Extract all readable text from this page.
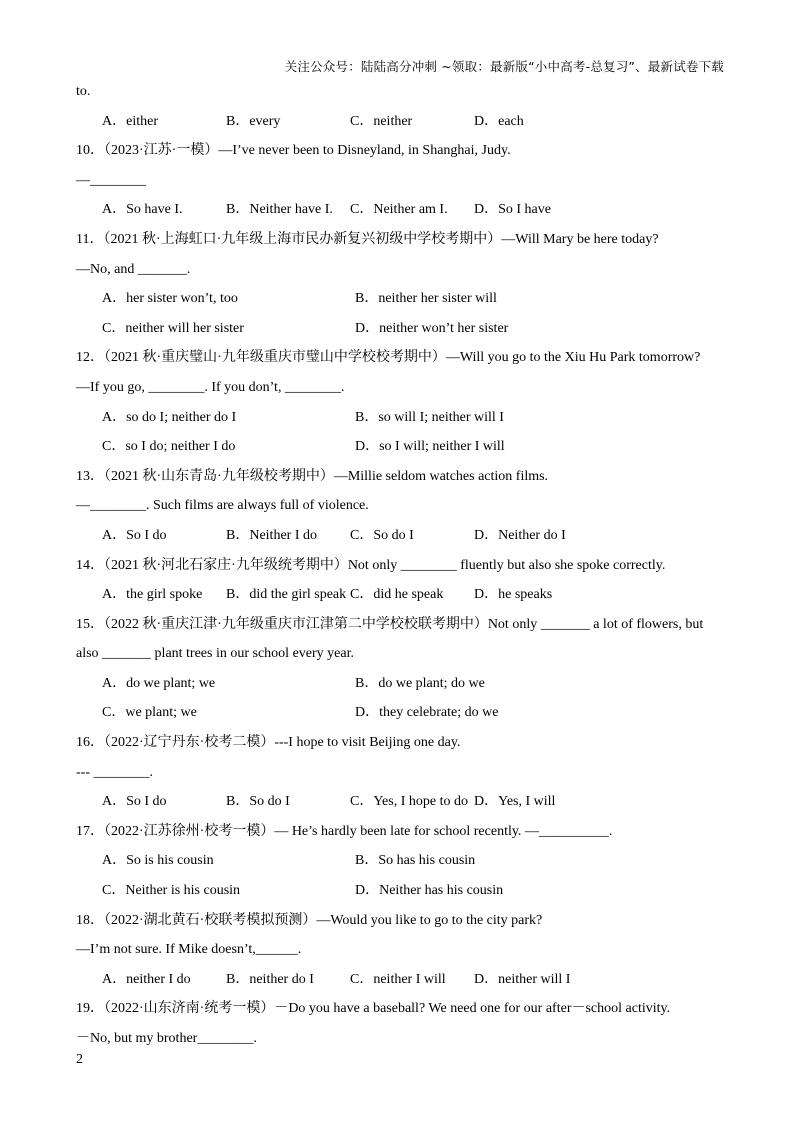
关注公众号：陆陆高分冲刺 ~领取：最新版“小中高考-总复习”、最新试卷下载
to.
A．either	B．every	C．neither	D．each
10．（2023·江苏·一模）—I’ve never been to Disneyland, in Shanghai, Judy.
—________
A．So have I.	B．Neither have I.	C．Neither am I.	D．So I have
11．（2021 秋·上海虹口·九年级上海市民办新复兴初级中学校考期中）—Will Mary be here today?
—No, and _______.
A．her sister won’t, too	B．neither her sister will
C．neither will her sister	D．neither won’t her sister
12．（2021 秋·重庆璧山·九年级重庆市璧山中学校校考期中）—Will you go to the Xiu Hu Park tomorrow?
—If you go, ________. If you don’t, ________.
A．so do I; neither do I	B．so will I; neither will I
C．so I do; neither I do	D．so I will; neither I will
13．（2021 秋·山东青岛·九年级校考期中）—Millie seldom watches action films.
—________. Such films are always full of violence.
A．So I do	B．Neither I do	C．So do I	D．Neither do I
14．（2021 秋·河北石家庄·九年级统考期中）Not only ________ fluently but also she spoke correctly.
A．the girl spoke	B．did the girl speak C．did he speak	D．he speaks
15．（2022 秋·重庆江津·九年级重庆市江津第二中学校校联考期中）Not only _______ a lot of flowers, but
also _______ plant trees in our school every year.
A．do we plant; we	B．do we plant; do we
C．we plant; we	D．they celebrate; do we
16．（2022·辽宁丹东·校考二模）---I hope to visit Beijing one day.
--- ________.
A．So I do	B．So do I	C．Yes, I hope to do D．Yes, I will
17．（2022·江苏徐州·校考一模）— He’s hardly been late for school recently. —__________.
A．So is his cousin	B．So has his cousin
C．Neither is his cousin	D．Neither has his cousin
18．（2022·湖北黄石·校联考模拟预测）—Would you like to go to the city park?
—I’m not sure. If Mike doesn’t,______.
A．neither I do	B．neither do I	C．neither I will	D．neither will I
19．（2022·山东济南·统考一模）－Do you have a baseball? We need one for our after－school activity.
－No, but my brother________.
2
